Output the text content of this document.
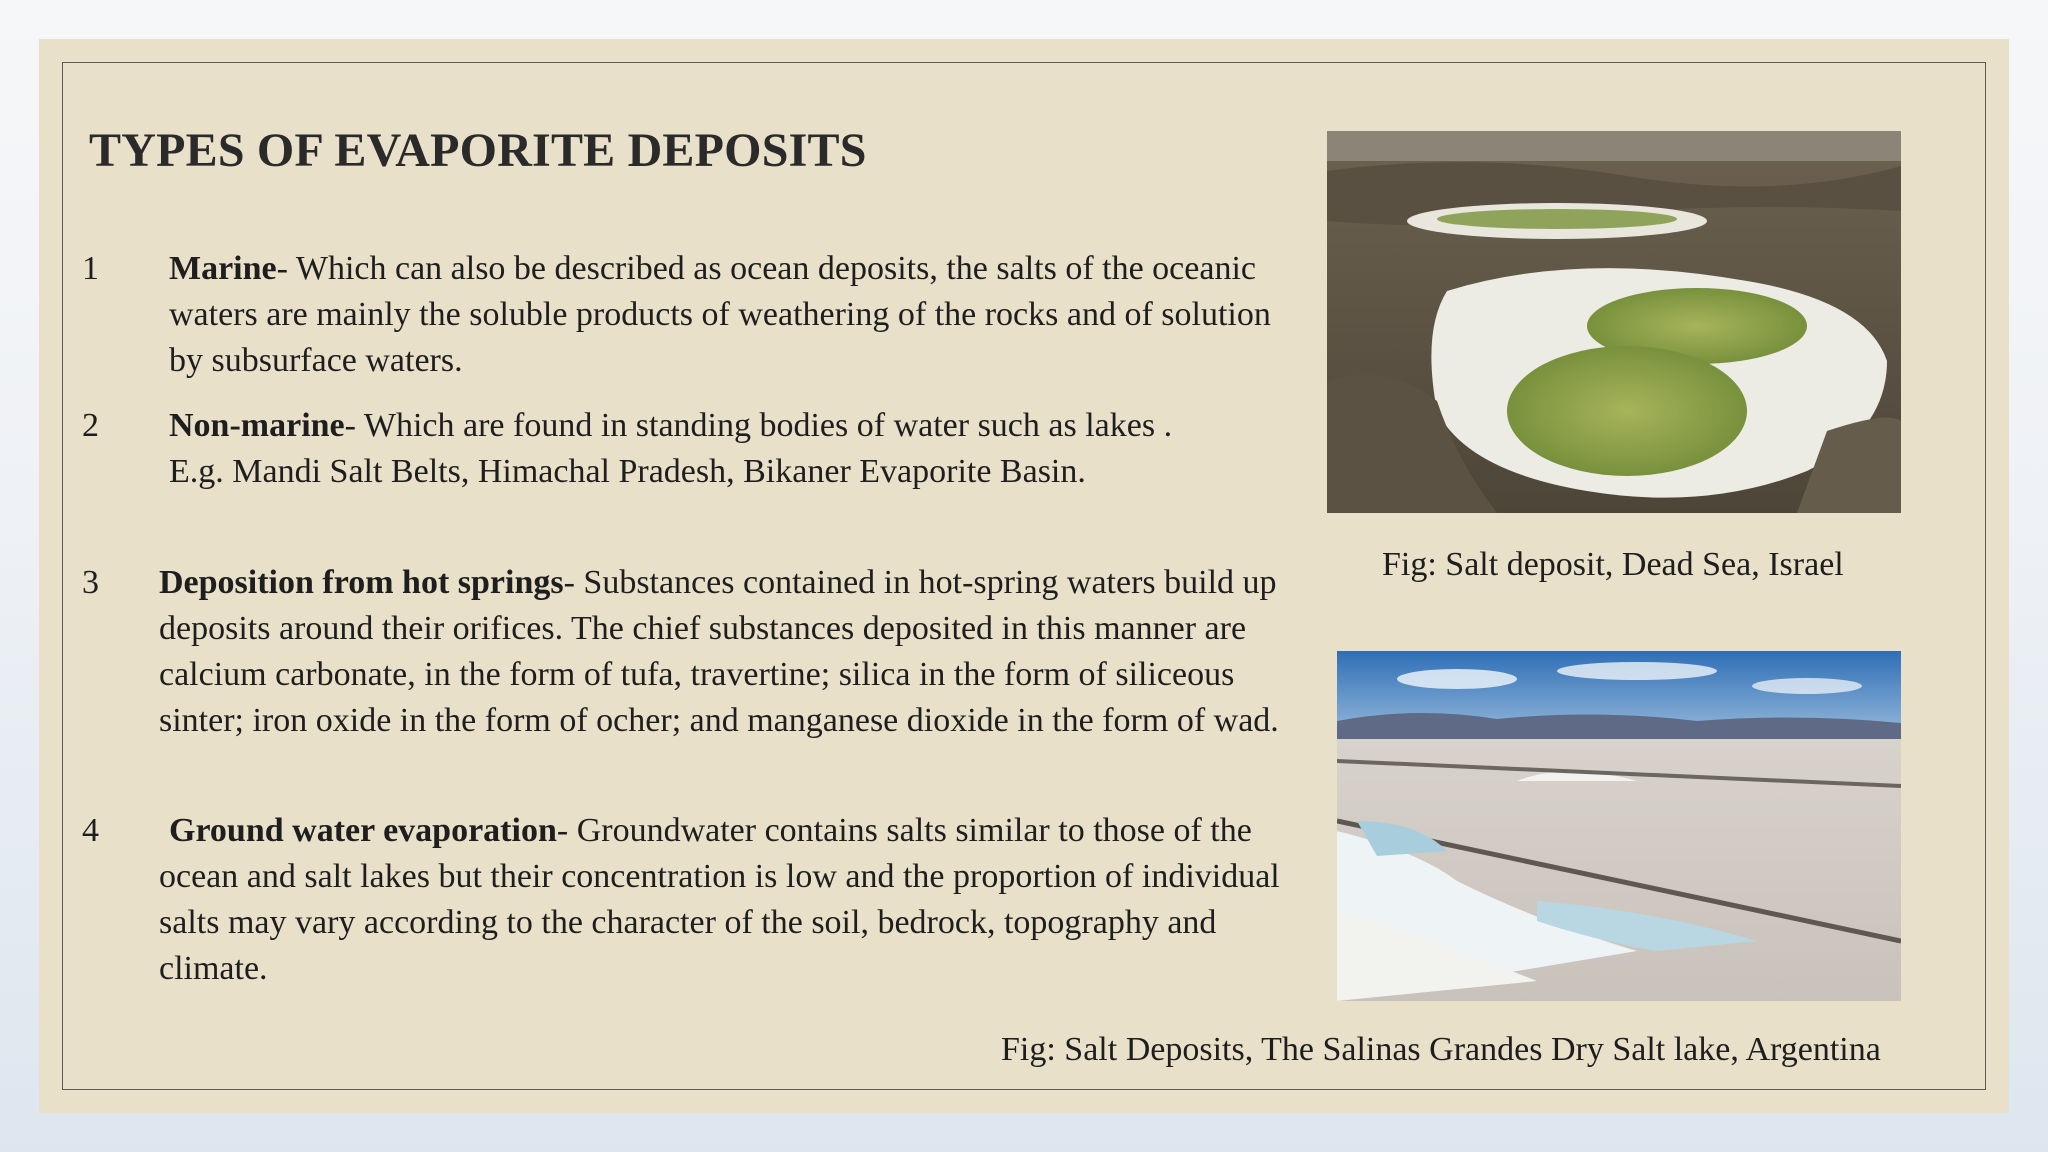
TYPES OF EVAPORITE DEPOSITS
1 Marine- Which can also be described as ocean deposits, the salts of the oceanic waters are mainly the soluble products of weathering of the rocks and of solution by subsurface waters.
2 Non-marine- Which are found in standing bodies of water such as lakes . E.g. Mandi Salt Belts, Himachal Pradesh, Bikaner Evaporite Basin.
3 Deposition from hot springs- Substances contained in hot-spring waters build up deposits around their orifices. The chief substances deposited in this manner are calcium carbonate, in the form of tufa, travertine; silica in the form of siliceous sinter; iron oxide in the form of ocher; and manganese dioxide in the form of wad.
4 Ground water evaporation- Groundwater contains salts similar to those of the ocean and salt lakes but their concentration is low and the proportion of individual salts may vary according to the character of the soil, bedrock, topography and climate.
Fig: Salt deposit, Dead Sea, Israel
Fig: Salt Deposits, The Salinas Grandes Dry Salt lake, Argentina
